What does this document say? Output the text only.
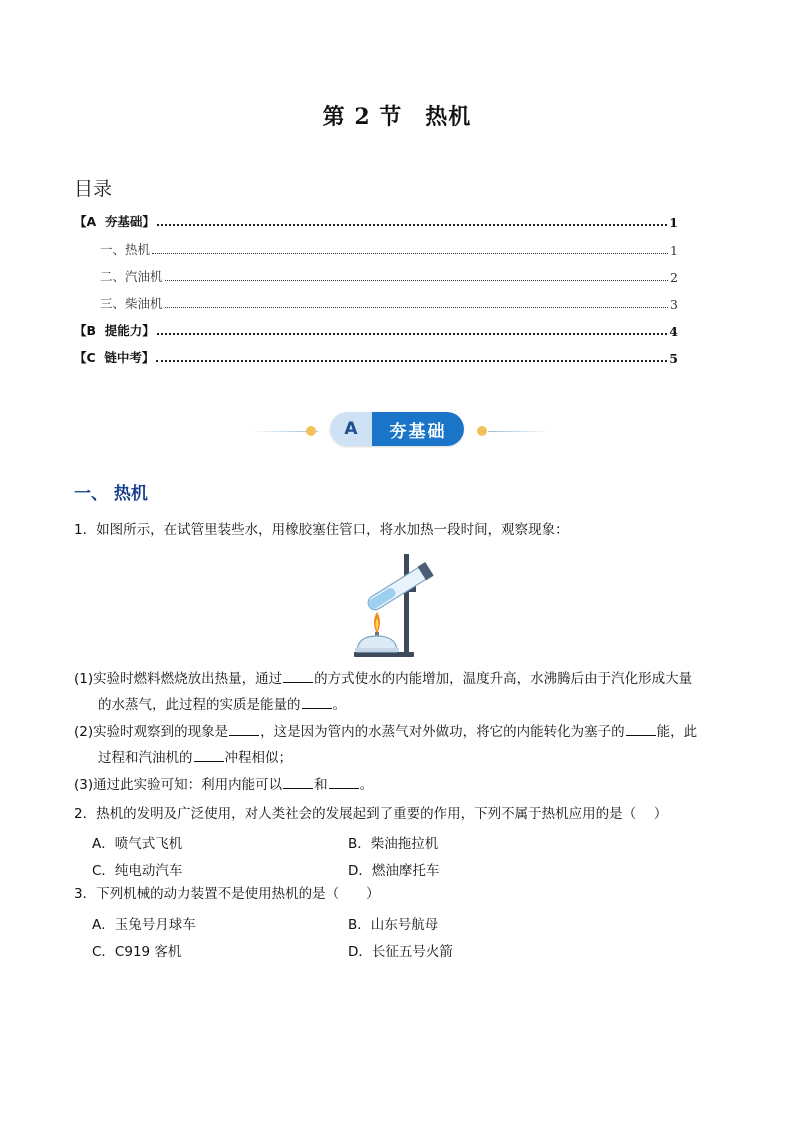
第 2 节　热机
目录
【A  夯基础】	1
一、热机	1
二、汽油机	2
三、柴油机	3
【B  提能力】	4
【C  链中考】	5
A	夯基础
一、 热机
1．如图所示，在试管里装些水，用橡胶塞住管口，将水加热一段时间，观察现象：
(1)实验时燃料燃烧放出热量，通过 的方式使水的内能增加，温度升高，水沸腾后由于汽化形成大量
的水蒸气，此过程的实质是能量的 。
(2)实验时观察到的现象是 ，这是因为管内的水蒸气对外做功，将它的内能转化为塞子的 能，此
过程和汽油机的 冲程相似；
(3)通过此实验可知：利用内能可以 和 。
2．热机的发明及广泛使用，对人类社会的发展起到了重要的作用，下列不属于热机应用的是（　 ）
A．喷气式飞机	B．柴油拖拉机
C．纯电动汽车	D．燃油摩托车
3．下列机械的动力装置不是使用热机的是（　　）
A．玉兔号月球车	B．山东号航母
C．C919 客机	D．长征五号火箭
